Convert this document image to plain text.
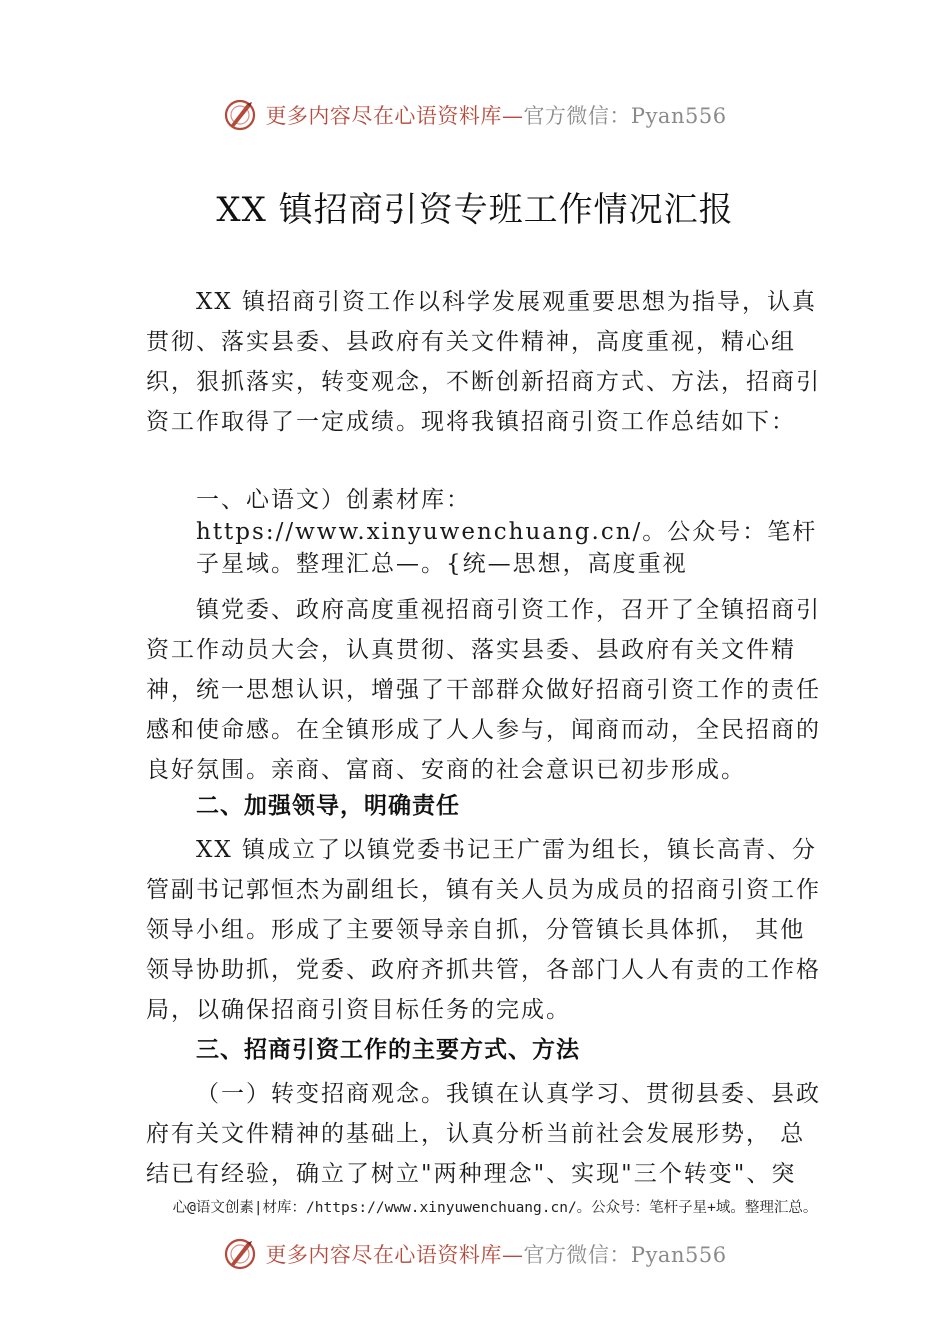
更多内容尽在心语资料库—官方微信：Pyan556
XX 镇招商引资专班工作情况汇报

XX 镇招商引资工作以科学发展观重要思想为指导，认真贯彻、落实县委、县政府有关文件精神，高度重视，精心组织，狠抓落实，转变观念，不断创新招商方式、方法，招商引资工作取得了一定成绩。现将我镇招商引资工作总结如下：

一、心语文）创素材库：https://www.xinyuwenchuang.cn/。公众号：笔杆子星域。整理汇总—。{统—思想，高度重视

镇党委、政府高度重视招商引资工作，召开了全镇招商引资工作动员大会，认真贯彻、落实县委、县政府有关文件精神，统一思想认识，增强了干部群众做好招商引资工作的责任感和使命感。在全镇形成了人人参与，闻商而动，全民招商的良好氛围。亲商、富商、安商的社会意识已初步形成。

二、加强领导，明确责任

XX 镇成立了以镇党委书记王广雷为组长，镇长高青、分管副书记郭恒杰为副组长，镇有关人员为成员的招商引资工作领导小组。形成了主要领导亲自抓，分管镇长具体抓， 其他领导协助抓，党委、政府齐抓共管，各部门人人有责的工作格局，以确保招商引资目标任务的完成。

三、招商引资工作的主要方式、方法

（一）转变招商观念。我镇在认真学习、贯彻县委、县政府有关文件精神的基础上，认真分析当前社会发展形势， 总结已有经验，确立了树立"两种理念"、实现"三个转变"、突

心@语文创素|材库：/https://www.xinyuwenchuang.cn/。公众号：笔杆子星+域。整理汇总。
更多内容尽在心语资料库—官方微信：Pyan556
